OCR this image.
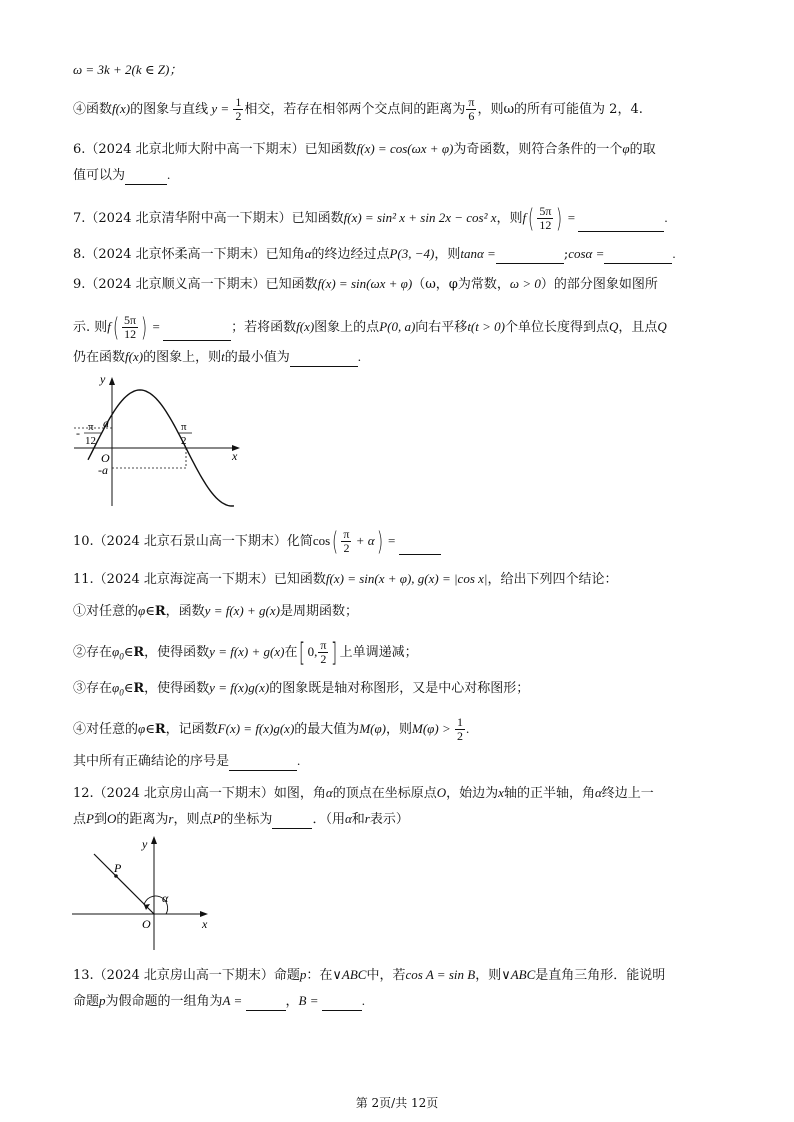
ω = 3k + 2(k ∈ Z)；
④函数f(x)的图象与直线 $y = \frac{1}{2}$ 相交，若存在相邻两个交点间的距离为 $\frac{\pi}{6}$ ，则ω的所有可能值为 2，4.
6.（2024 北京北师大附中高一下期末）已知函数f(x) = cos(ωx + φ)为奇函数，则符合条件的一个φ的取
值可以为	.
7.（2024 北京清华附中高一下期末）已知函数f(x) = sin² x + sin 2x − cos² x，则$f( \frac{5\pi}{12}$ ) =	.
8.（2024 北京怀柔高一下期末）已知角α的终边经过点P(3, −4)，则tanα =	;cosα =	.
9.（2024 北京顺义高一下期末）已知函数f(x) = sin(ωx + φ)（ω，φ为常数，ω > 0）的部分图象如图所
示. 则$f( \frac{5\pi}{12}$ ) =	；若将函数f(x)图象上的点P(0, a)向右平移t(t > 0)个单位长度得到点Q，且点Q
仍在函数f(x)的图象上，则t的最小值为	.
y
x
O
- π
12
a	π
2
-a
10.（2024 北京石景山高一下期末）化简$\cos( \frac{\pi}{2} + \alpha)$ =
11.（2024 北京海淀高一下期末）已知函数f(x) = sin(x + φ), g(x) = |cos x|，给出下列四个结论：
①对任意的φ∈R，函数y = f(x) + g(x)是周期函数；
②存在$\varphi_0\in R$，使得函数y = f(x) + g(x)在[ 0, $\frac{\pi}{2}$ ] 上单调递减；
③存在$\varphi_0\in R$，使得函数y = f(x)g(x)的图象既是轴对称图形，又是中心对称图形；
④对任意的φ∈R，记函数F(x) = f(x)g(x)的最大值为M(φ)，则$M(\varphi) > \frac{1}{2}$ .
其中所有正确结论的序号是	.
12.（2024 北京房山高一下期末）如图，角α的顶点在坐标原点O，始边为x轴的正半轴，角α终边上一
点P到O的距离为r，则点P的坐标为	．（用α和r表示）
y
x
O
P
α
13.（2024 北京房山高一下期末）命题p：在∨ABC中，若cos A = sin B，则∨ABC是直角三角形．能说明
命题p为假命题的一组角为A =	，B =	.
第 2页/共 12页
